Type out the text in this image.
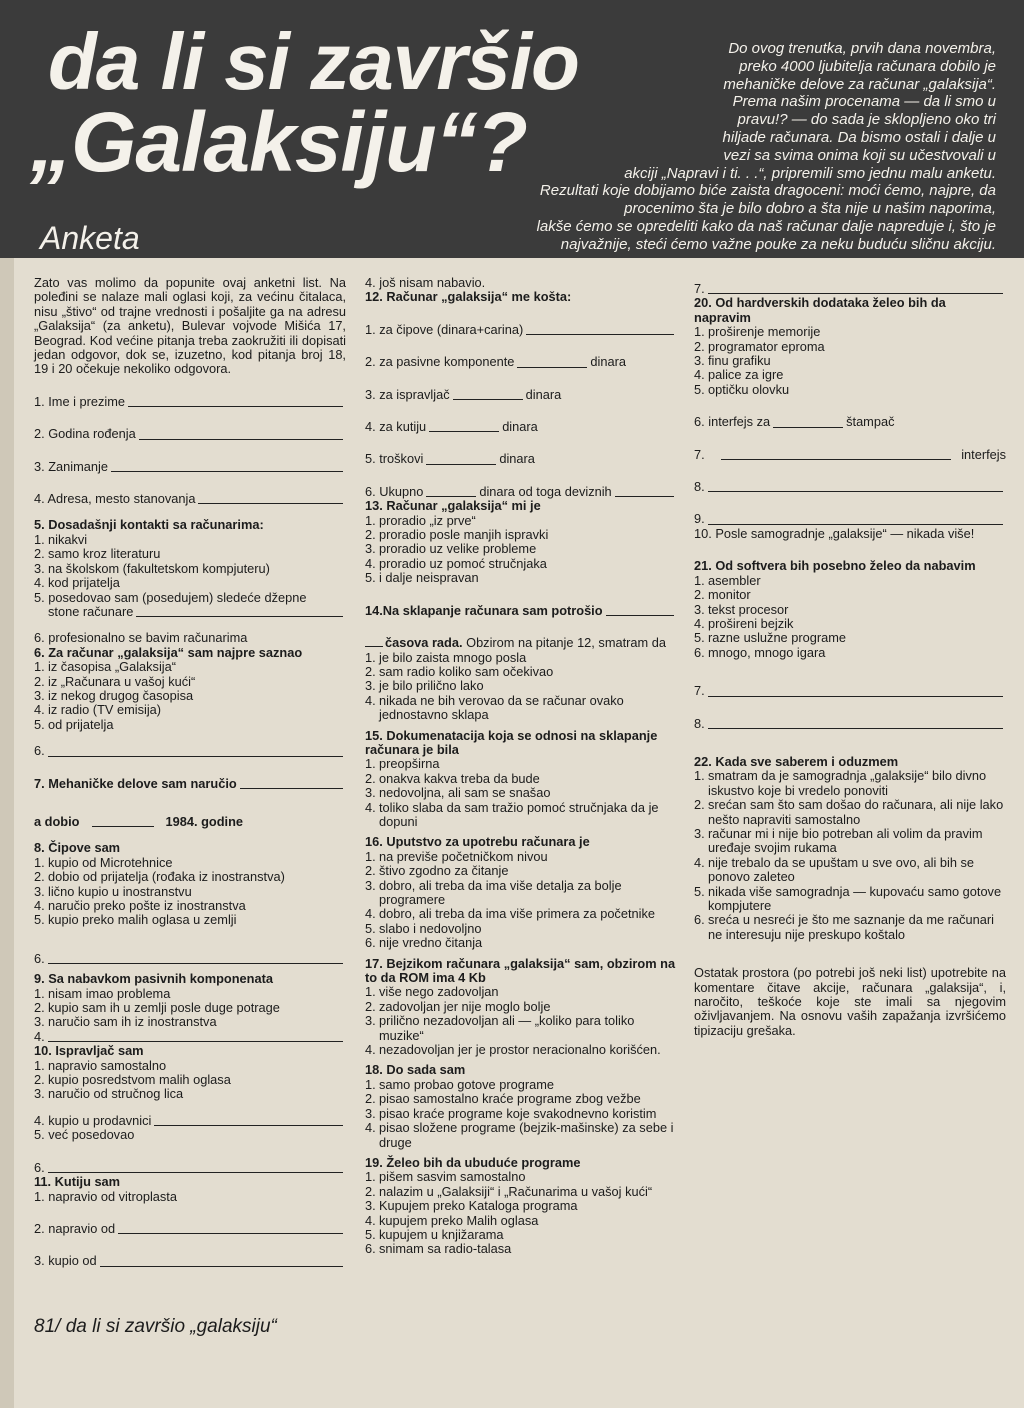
da li si završio
„Galaksiju“?
Anketa
Do ovog trenutka, prvih dana novembra,
preko 4000 ljubitelja računara dobilo je
mehaničke delove za računar „galaksija“.
Prema našim procenama — da li smo u
pravu!? — do sada je sklopljeno oko tri
hiljade računara. Da bismo ostali i dalje u
vezi sa svima onima koji su učestvovali u
akciji „Napravi i ti. . .“, pripremili smo jednu malu anketu.
Rezultati koje dobijamo biće zaista dragoceni: moći ćemo, najpre, da
procenimo šta je bilo dobro a šta nije u našim naporima,
lakše ćemo se opredeliti kako da naš računar dalje napreduje i, što je
najvažnije, steći ćemo važne pouke za neku buduću sličnu akciju.

Zato vas molimo da popunite ovaj anketni list. Na poleđini se nalaze mali oglasi koji, za većinu čitalaca, nisu „štivo“ od trajne vrednosti i pošaljite ga na adresu „Galaksija“ (za anketu), Bulevar vojvode Mišića 17, Beograd. Kod većine pitanja treba zaokružiti ili dopisati jedan odgovor, dok se, izuzetno, kod pitanja broj 18, 19 i 20 očekuje nekoliko odgovora.

1. Ime i prezime
2. Godina rođenja
3. Zanimanje
4. Adresa, mesto stanovanja

5. Dosadašnji kontakti sa računarima:

1. nikakvi
2. samo kroz literaturu
3. na školskom (fakultetskom kompjuteru)
4. kod prijatelja

5. posedovao sam (posedujem) sledeće džepne

stone računare

6. profesionalno se bavim računarima

6. Za računar „galaksija“ sam najpre saznao

1. iz časopisa „Galaksija“
2. iz „Računara u vašoj kući“
3. iz nekog drugog časopisa
4. iz radio (TV emisija)
5. od prijatelja
6.
7. Mehaničke delove sam naručio
a dobio	1984. godine

8. Čipove sam

1. kupio od Microtehnice
2. dobio od prijatelja (rođaka iz inostranstva)
3. lično kupio u inostranstvu
4. naručio preko pošte iz inostranstva
5. kupio preko malih oglasa u zemlji
6.

9. Sa nabavkom pasivnih komponenata

1. nisam imao problema
2. kupio sam ih u zemlji posle duge potrage
3. naručio sam ih iz inostranstva
4.

10. Ispravljač sam

1. napravio samostalno
2. kupio posredstvom malih oglasa
3. naručio od stručnog lica
4. kupio u prodavnici

5. već posedovao

6.

11. Kutiju sam

1. napravio od vitroplasta

2. napravio od
3. kupio od

4. još nisam nabavio.

12. Računar „galaksija“ me košta:

1. za čipove (dinara+carina)
2. za pasivne komponente	dinara
3. za ispravljač	dinara
4. za kutiju	dinara
5. troškovi	dinara
6. Ukupno	dinara od toga deviznih

13. Računar „galaksija“ mi je

1. proradio „iz prve“
2. proradio posle manjih ispravki
3. proradio uz velike probleme
4. proradio uz pomoć stručnjaka
5. i dalje neispravan
14.Na sklapanje računara sam potrošio

časova rada. Obzirom na pitanje 12, smatram da

1. je bilo zaista mnogo posla
2. sam radio koliko sam očekivao
3. je bilo prilično lako
4. nikada ne bih verovao da se računar ovako jednostavno sklapa

15. Dokumenatacija koja se odnosi na sklapanje računara je bila

1. preopširna
2. onakva kakva treba da bude
3. nedovoljna, ali sam se snašao
4. toliko slaba da sam tražio pomoć stručnjaka da je dopuni

16. Uputstvo za upotrebu računara je

1. na previše početničkom nivou
2. štivo zgodno za čitanje
3. dobro, ali treba da ima više detalja za bolje programere
4. dobro, ali treba da ima više primera za početnike
5. slabo i nedovoljno
6. nije vredno čitanja

17. Bejzikom računara „galaksija“ sam, obzirom na to da ROM ima 4 Kb

1. više nego zadovoljan
2. zadovoljan jer nije moglo bolje
3. prilično nezadovoljan ali — „koliko para toliko muzike“
4. nezadovoljan jer je prostor neracionalno korišćen.

18. Do sada sam

1. samo probao gotove programe
2. pisao samostalno kraće programe zbog vežbe
3. pisao kraće programe koje svakodnevno koristim
4. pisao složene programe (bejzik-mašinske) za sebe i druge

19. Želeo bih da ubuduće programe

1. pišem sasvim samostalno
2. nalazim u „Galaksiji“ i „Računarima u vašoj kući“
3. Kupujem preko Kataloga programa
4. kupujem preko Malih oglasa
5. kupujem u knjižarama
6. snimam sa radio-talasa
7.

20. Od hardverskih dodataka želeo bih da napravim

1. proširenje memorije
2. programator eproma
3. finu grafiku
4. palice za igre
5. optičku olovku
6. interfejs za	štampač
7.	interfejs
8.
9.

10. Posle samogradnje „galaksije“ — nikada više!

21. Od softvera bih posebno želeo da nabavim

1. asembler
2. monitor
3. tekst procesor
4. prošireni bejzik
5. razne uslužne programe
6. mnogo, mnogo igara
7.
8.

22. Kada sve saberem i oduzmem

1. smatram da je samogradnja „galaksije“ bilo divno iskustvo koje bi vredelo ponoviti
2. srećan sam što sam došao do računara, ali nije lako nešto napraviti samostalno
3. računar mi i nije bio potreban ali volim da pravim uređaje svojim rukama
4. nije trebalo da se upuštam u sve ovo, ali bih se ponovo zaleteo
5. nikada više samogradnja — kupovaću samo gotove kompjutere
6. sreća u nesreći je što me saznanje da me računari ne interesuju nije preskupo koštalo

Ostatak prostora (po potrebi još neki list) upotrebite na komentare čitave akcije, računara „galaksija“, i, naročito, teškoće koje ste imali sa njegovim oživljavanjem. Na osnovu vaših zapažanja izvršićemo tipizaciju grešaka.

81/ da li si završio „galaksiju“
